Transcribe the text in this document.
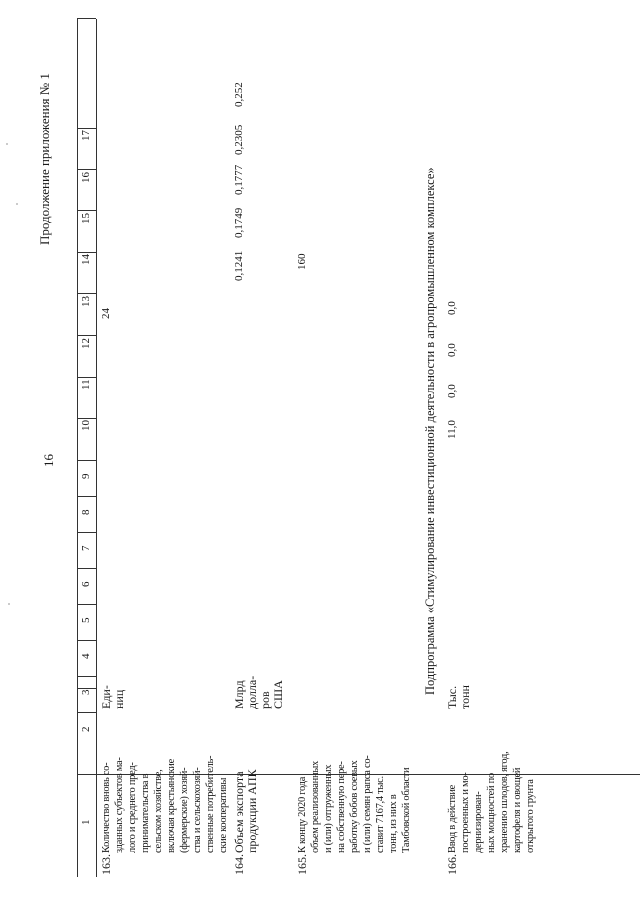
16
Продолжение приложения № 1
1
2
3
4
5
6
7
8
9
10
11
12
13
14
15
16
17
163.
Количество вновь со- зданных субъектов ма- лого и среднего пред- принимательства в сельском хозяйстве, включая крестьянские (фермерские) хозяй- ства и сельскохозяй- ственные потребитель- ские кооперативы
Еди- ниц
24
164.
Объем экспорта продукции АПК
Млрд долла- ров США
0,1241
0,1749
0,1777
0,2305
0,252
165.
К концу 2020 года объем реализованных и (или) отгруженных на собственную пере- работку бобов соевых и (или) семян рапса со- ставит 7167,4 тыс. тонн, из них в Тамбовской области
160	Подпрограмма «Стимулирование инвестиционной деятельности в агропромышленном комплексе»
166.
Ввод в действие построенных и мо- дернизирован- ных мощностей по хранению шлодов, ягод, картофеля и овощей открытого грунта
Тыс. тонн
11,0
0,0
0,0
0,0
